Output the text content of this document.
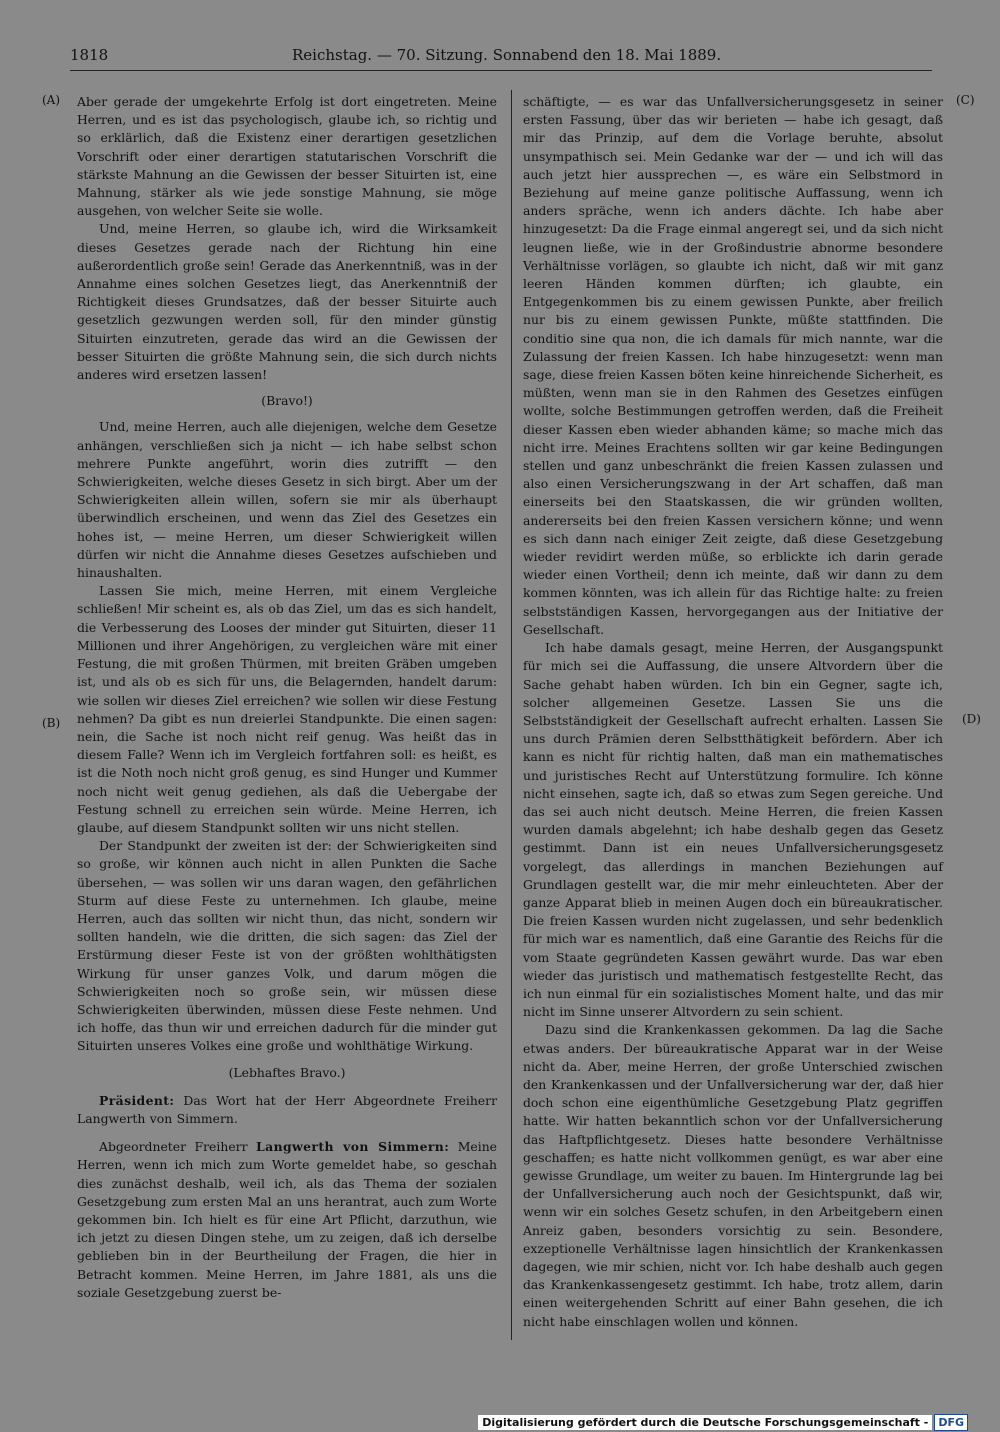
1818	Reichstag. — 70. Sitzung. Sonnabend den 18. Mai 1889.
(A)
(B)
(C)
(D)

Aber gerade der umgekehrte Erfolg ist dort eingetreten. Meine Herren, und es ist das psychologisch, glaube ich, so richtig und so erklärlich, daß die Existenz einer derartigen gesetzlichen Vorschrift oder einer derartigen statutarischen Vorschrift die stärkste Mahnung an die Gewissen der besser Situirten ist, eine Mahnung, stärker als wie jede sonstige Mahnung, sie möge ausgehen, von welcher Seite sie wolle.

Und, meine Herren, so glaube ich, wird die Wirksamkeit dieses Gesetzes gerade nach der Richtung hin eine außerordentlich große sein! Gerade das Anerkenntniß, was in der Annahme eines solchen Gesetzes liegt, das Anerkenntniß der Richtigkeit dieses Grundsatzes, daß der besser Situirte auch gesetzlich gezwungen werden soll, für den minder günstig Situirten einzutreten, gerade das wird an die Gewissen der besser Situirten die größte Mahnung sein, die sich durch nichts anderes wird ersetzen lassen!

(Bravo!)

Und, meine Herren, auch alle diejenigen, welche dem Gesetze anhängen, verschließen sich ja nicht — ich habe selbst schon mehrere Punkte angeführt, worin dies zutrifft — den Schwierigkeiten, welche dieses Gesetz in sich birgt. Aber um der Schwierigkeiten allein willen, sofern sie mir als überhaupt überwindlich erscheinen, und wenn das Ziel des Gesetzes ein hohes ist, — meine Herren, um dieser Schwierigkeit willen dürfen wir nicht die Annahme dieses Gesetzes aufschieben und hinaushalten.

Lassen Sie mich, meine Herren, mit einem Vergleiche schließen! Mir scheint es, als ob das Ziel, um das es sich handelt, die Verbesserung des Looses der minder gut Situirten, dieser 11 Millionen und ihrer Angehörigen, zu vergleichen wäre mit einer Festung, die mit großen Thürmen, mit breiten Gräben umgeben ist, und als ob es sich für uns, die Belagernden, handelt darum: wie sollen wir dieses Ziel erreichen? wie sollen wir diese Festung nehmen? Da gibt es nun dreierlei Standpunkte. Die einen sagen: nein, die Sache ist noch nicht reif genug. Was heißt das in diesem Falle? Wenn ich im Vergleich fortfahren soll: es heißt, es ist die Noth noch nicht groß genug, es sind Hunger und Kummer noch nicht weit genug gediehen, als daß die Uebergabe der Festung schnell zu erreichen sein würde. Meine Herren, ich glaube, auf diesem Standpunkt sollten wir uns nicht stellen.

Der Standpunkt der zweiten ist der: der Schwierigkeiten sind so große, wir können auch nicht in allen Punkten die Sache übersehen, — was sollen wir uns daran wagen, den gefährlichen Sturm auf diese Feste zu unternehmen. Ich glaube, meine Herren, auch das sollten wir nicht thun, das nicht, sondern wir sollten handeln, wie die dritten, die sich sagen: das Ziel der Erstürmung dieser Feste ist von der größten wohlthätigsten Wirkung für unser ganzes Volk, und darum mögen die Schwierigkeiten noch so große sein, wir müssen diese Schwierigkeiten überwinden, müssen diese Feste nehmen. Und ich hoffe, das thun wir und erreichen dadurch für die minder gut Situirten unseres Volkes eine große und wohlthätige Wirkung.

(Lebhaftes Bravo.)

Präsident: Das Wort hat der Herr Abgeordnete Freiherr Langwerth von Simmern.

Abgeordneter Freiherr Langwerth von Simmern: Meine Herren, wenn ich mich zum Worte gemeldet habe, so geschah dies zunächst deshalb, weil ich, als das Thema der sozialen Gesetzgebung zum ersten Mal an uns herantrat, auch zum Worte gekommen bin. Ich hielt es für eine Art Pflicht, darzuthun, wie ich jetzt zu diesen Dingen stehe, um zu zeigen, daß ich derselbe geblieben bin in der Beurtheilung der Fragen, die hier in Betracht kommen. Meine Herren, im Jahre 1881, als uns die soziale Gesetzgebung zuerst be-

schäftigte, — es war das Unfallversicherungsgesetz in seiner ersten Fassung, über das wir berieten — habe ich gesagt, daß mir das Prinzip, auf dem die Vorlage beruhte, absolut unsympathisch sei. Mein Gedanke war der — und ich will das auch jetzt hier aussprechen —, es wäre ein Selbstmord in Beziehung auf meine ganze politische Auffassung, wenn ich anders spräche, wenn ich anders dächte. Ich habe aber hinzugesetzt: Da die Frage einmal angeregt sei, und da sich nicht leugnen ließe, wie in der Großindustrie abnorme besondere Verhältnisse vorlägen, so glaubte ich nicht, daß wir mit ganz leeren Händen kommen dürften; ich glaubte, ein Entgegenkommen bis zu einem gewissen Punkte, aber freilich nur bis zu einem gewissen Punkte, müßte stattfinden. Die conditio sine qua non, die ich damals für mich nannte, war die Zulassung der freien Kassen. Ich habe hinzugesetzt: wenn man sage, diese freien Kassen böten keine hinreichende Sicherheit, es müßten, wenn man sie in den Rahmen des Gesetzes einfügen wollte, solche Bestimmungen getroffen werden, daß die Freiheit dieser Kassen eben wieder abhanden käme; so mache mich das nicht irre. Meines Erachtens sollten wir gar keine Bedingungen stellen und ganz unbeschränkt die freien Kassen zulassen und also einen Versicherungszwang in der Art schaffen, daß man einerseits bei den Staatskassen, die wir gründen wollten, andererseits bei den freien Kassen versichern könne; und wenn es sich dann nach einiger Zeit zeigte, daß diese Gesetzgebung wieder revidirt werden müße, so erblickte ich darin gerade wieder einen Vortheil; denn ich meinte, daß wir dann zu dem kommen könnten, was ich allein für das Richtige halte: zu freien selbstständigen Kassen, hervorgegangen aus der Initiative der Gesellschaft.

Ich habe damals gesagt, meine Herren, der Ausgangspunkt für mich sei die Auffassung, die unsere Altvordern über die Sache gehabt haben würden. Ich bin ein Gegner, sagte ich, solcher allgemeinen Gesetze. Lassen Sie uns die Selbstständigkeit der Gesellschaft aufrecht erhalten. Lassen Sie uns durch Prämien deren Selbstthätigkeit befördern. Aber ich kann es nicht für richtig halten, daß man ein mathematisches und juristisches Recht auf Unterstützung formulire. Ich könne nicht einsehen, sagte ich, daß so etwas zum Segen gereiche. Und das sei auch nicht deutsch. Meine Herren, die freien Kassen wurden damals abgelehnt; ich habe deshalb gegen das Gesetz gestimmt. Dann ist ein neues Unfallversicherungsgesetz vorgelegt, das allerdings in manchen Beziehungen auf Grundlagen gestellt war, die mir mehr einleuchteten. Aber der ganze Apparat blieb in meinen Augen doch ein büreaukratischer. Die freien Kassen wurden nicht zugelassen, und sehr bedenklich für mich war es namentlich, daß eine Garantie des Reichs für die vom Staate gegründeten Kassen gewährt wurde. Das war eben wieder das juristisch und mathematisch festgestellte Recht, das ich nun einmal für ein sozialistisches Moment halte, und das mir nicht im Sinne unserer Altvordern zu sein schient.

Dazu sind die Krankenkassen gekommen. Da lag die Sache etwas anders. Der büreaukratische Apparat war in der Weise nicht da. Aber, meine Herren, der große Unterschied zwischen den Krankenkassen und der Unfallversicherung war der, daß hier doch schon eine eigenthümliche Gesetzgebung Platz gegriffen hatte. Wir hatten bekanntlich schon vor der Unfallversicherung das Haftpflichtgesetz. Dieses hatte besondere Verhältnisse geschaffen; es hatte nicht vollkommen genügt, es war aber eine gewisse Grundlage, um weiter zu bauen. Im Hintergrunde lag bei der Unfallversicherung auch noch der Gesichtspunkt, daß wir, wenn wir ein solches Gesetz schufen, in den Arbeitgebern einen Anreiz gaben, besonders vorsichtig zu sein. Besondere, exzeptionelle Verhältnisse lagen hinsichtlich der Krankenkassen dagegen, wie mir schien, nicht vor. Ich habe deshalb auch gegen das Krankenkassengesetz gestimmt. Ich habe, trotz allem, darin einen weitergehenden Schritt auf einer Bahn gesehen, die ich nicht habe einschlagen wollen und können.

Digitalisierung gefördert durch die Deutsche Forschungsgemeinschaft - DFG
